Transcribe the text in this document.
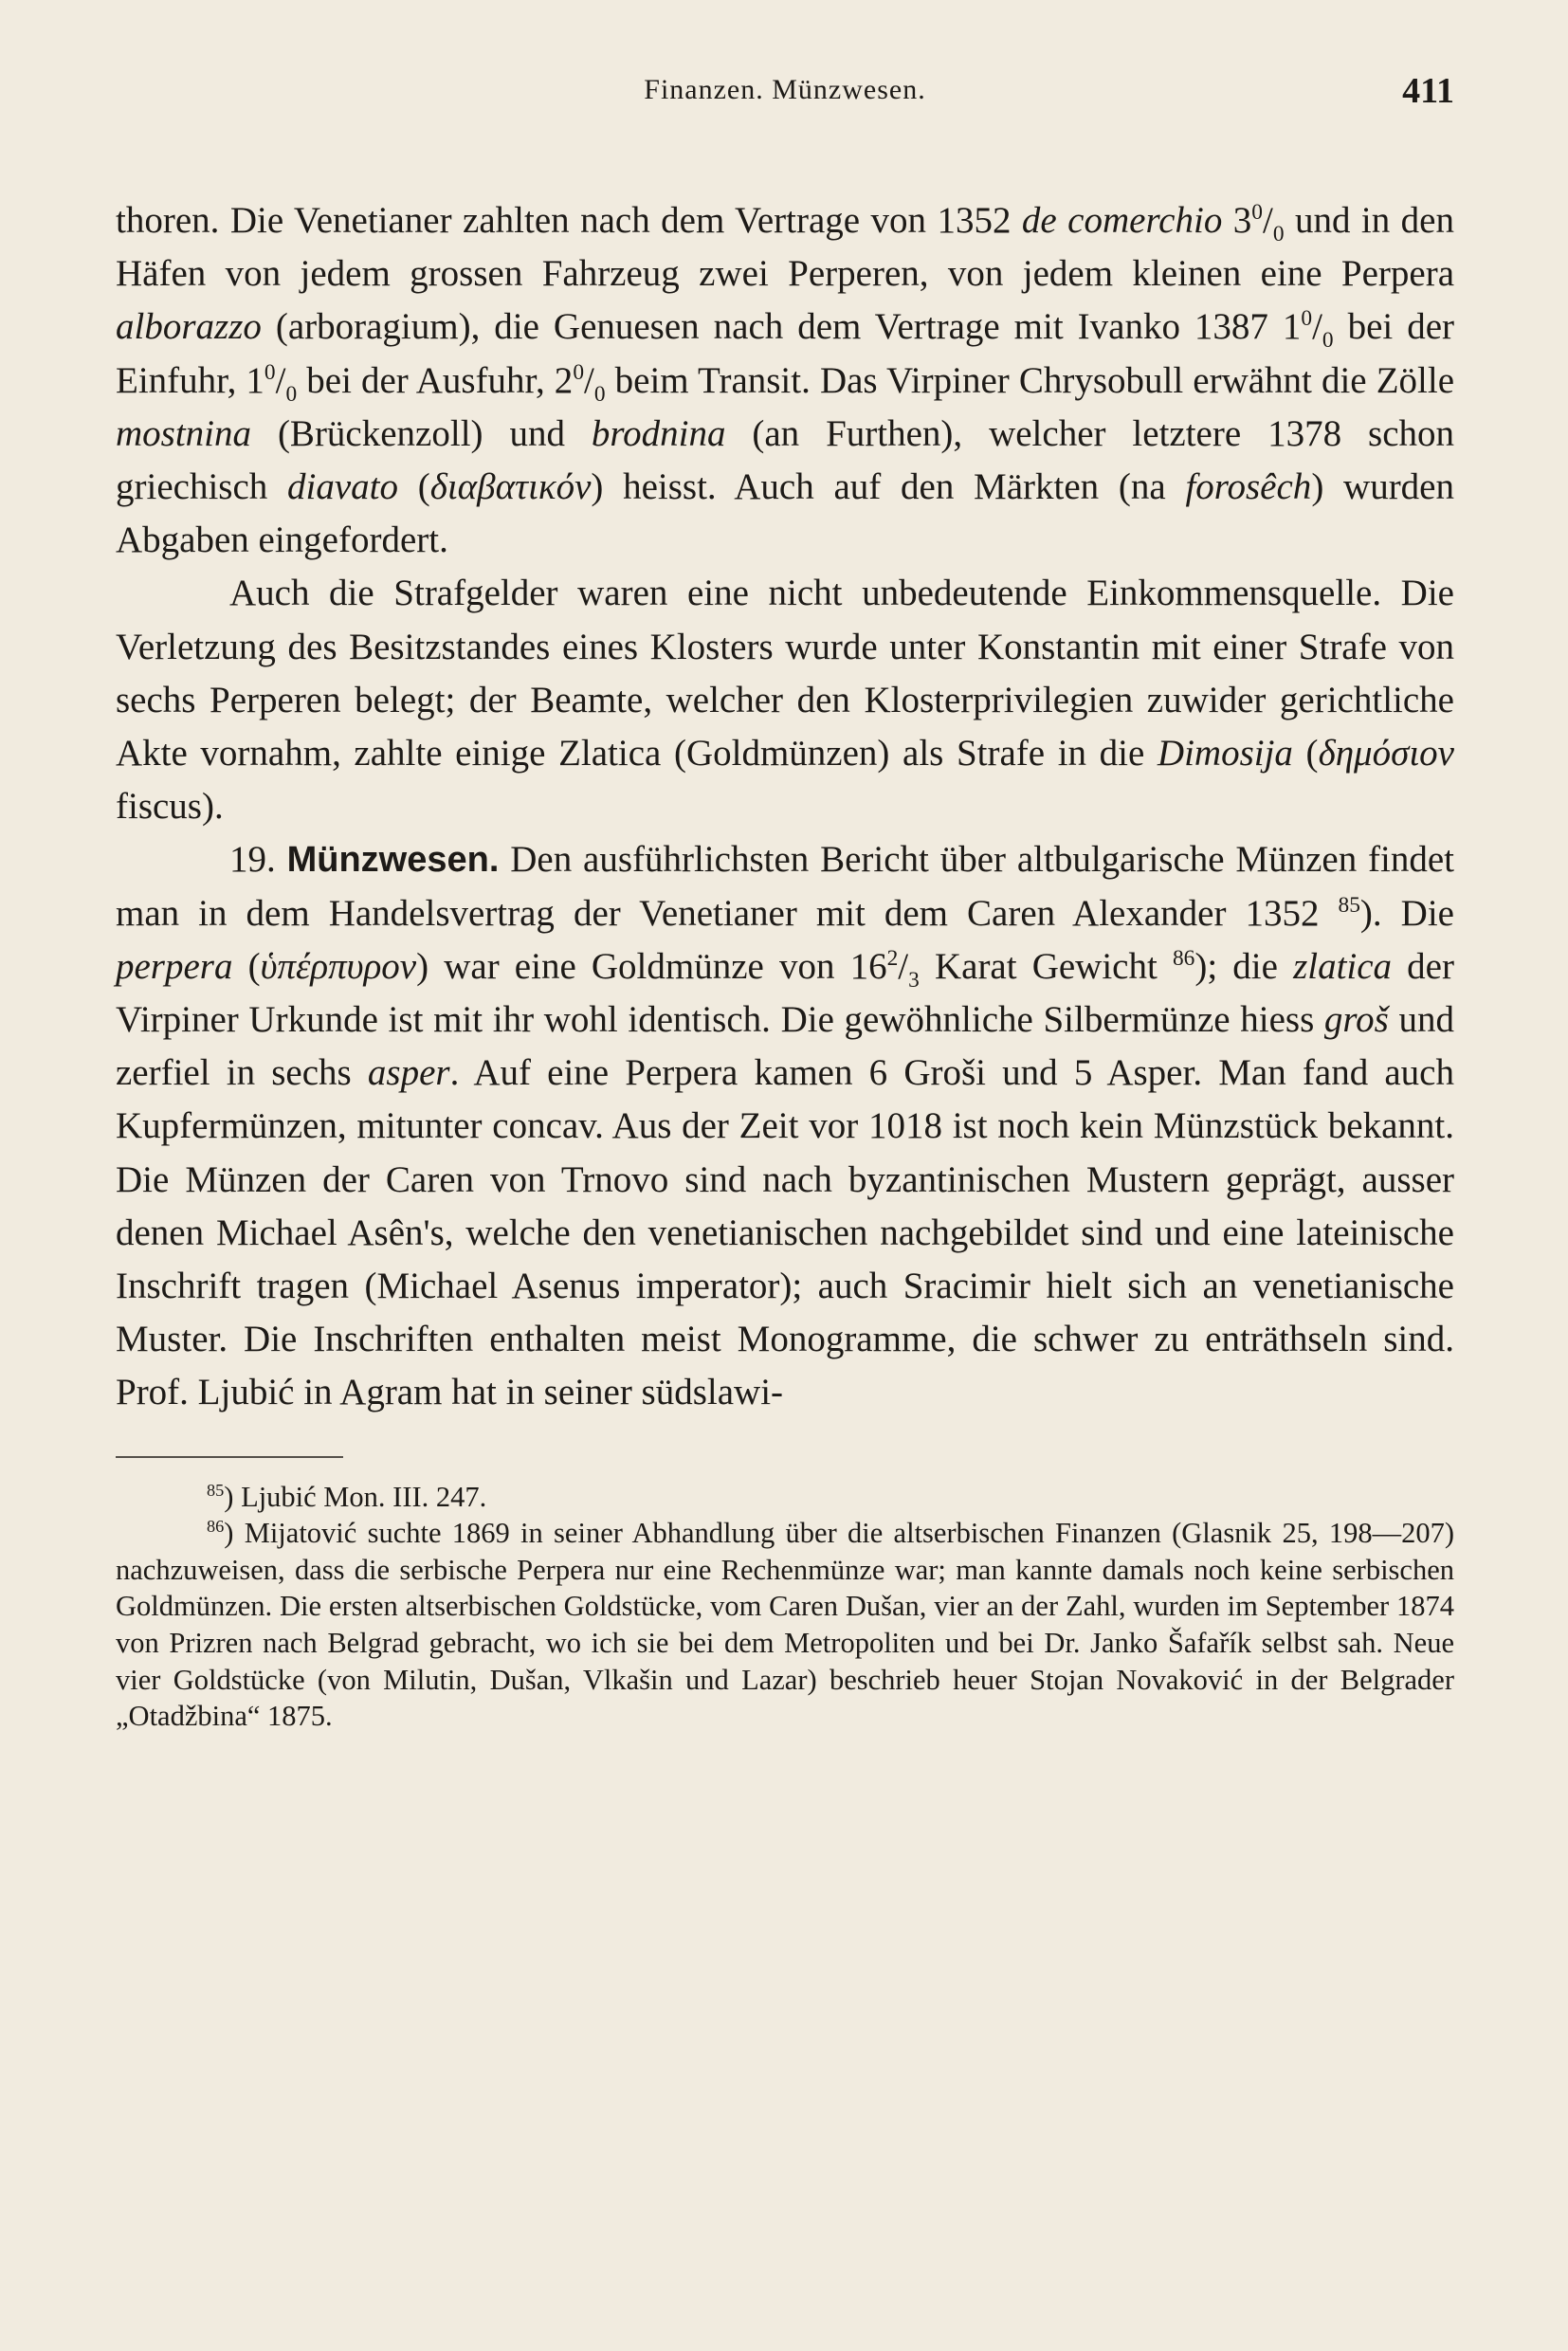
Finanzen. Münzwesen.	411

thoren. Die Venetianer zahlten nach dem Vertrage von 1352 de comerchio $3^0/_0$ und in den Häfen von jedem grossen Fahrzeug zwei Perperen, von jedem kleinen eine Perpera alborazzo (arboragium), die Genuesen nach dem Vertrage mit Ivanko 1387 $1^0/_0$ bei der Einfuhr, $1^0/_0$ bei der Ausfuhr, $2^0/_0$ beim Transit. Das Virpiner Chrysobull erwähnt die Zölle mostnina (Brückenzoll) und brodnina (an Furthen), welcher letztere 1378 schon griechisch diavato (διαβατικόν) heisst. Auch auf den Märkten (na forosêch) wurden Abgaben eingefordert.

Auch die Strafgelder waren eine nicht unbedeutende Einkommensquelle. Die Verletzung des Besitzstandes eines Klosters wurde unter Konstantin mit einer Strafe von sechs Perperen belegt; der Beamte, welcher den Klosterprivilegien zuwider gerichtliche Akte vornahm, zahlte einige Zlatica (Goldmünzen) als Strafe in die Dimosija (δημόσιον fiscus).

19. Münzwesen. Den ausführlichsten Bericht über altbulgarische Münzen findet man in dem Handelsvertrag der Venetianer mit dem Caren Alexander 1352 $^{85}$). Die perpera (ὑπέρπυρον) war eine Goldmünze von $16^2/_3$ Karat Gewicht $^{86}$); die zlatica der Virpiner Urkunde ist mit ihr wohl identisch. Die gewöhnliche Silbermünze hiess groš und zerfiel in sechs asper. Auf eine Perpera kamen 6 Groši und 5 Asper. Man fand auch Kupfermünzen, mitunter concav. Aus der Zeit vor 1018 ist noch kein Münzstück bekannt. Die Münzen der Caren von Trnovo sind nach byzantinischen Mustern geprägt, ausser denen Michael Asên's, welche den venetianischen nachgebildet sind und eine lateinische Inschrift tragen (Michael Asenus imperator); auch Sracimir hielt sich an venetianische Muster. Die Inschriften enthalten meist Monogramme, die schwer zu enträthseln sind. Prof. Ljubić in Agram hat in seiner südslawi-

$^{85}$) Ljubić Mon. III. 247.

$^{86}$) Mijatović suchte 1869 in seiner Abhandlung über die altserbischen Finanzen (Glasnik 25, 198—207) nachzuweisen, dass die serbische Perpera nur eine Rechenmünze war; man kannte damals noch keine serbischen Goldmünzen. Die ersten altserbischen Goldstücke, vom Caren Dušan, vier an der Zahl, wurden im September 1874 von Prizren nach Belgrad gebracht, wo ich sie bei dem Metropoliten und bei Dr. Janko Šafařík selbst sah. Neue vier Goldstücke (von Milutin, Dušan, Vlkašin und Lazar) beschrieb heuer Stojan Novaković in der Belgrader „Otadžbina“ 1875.
